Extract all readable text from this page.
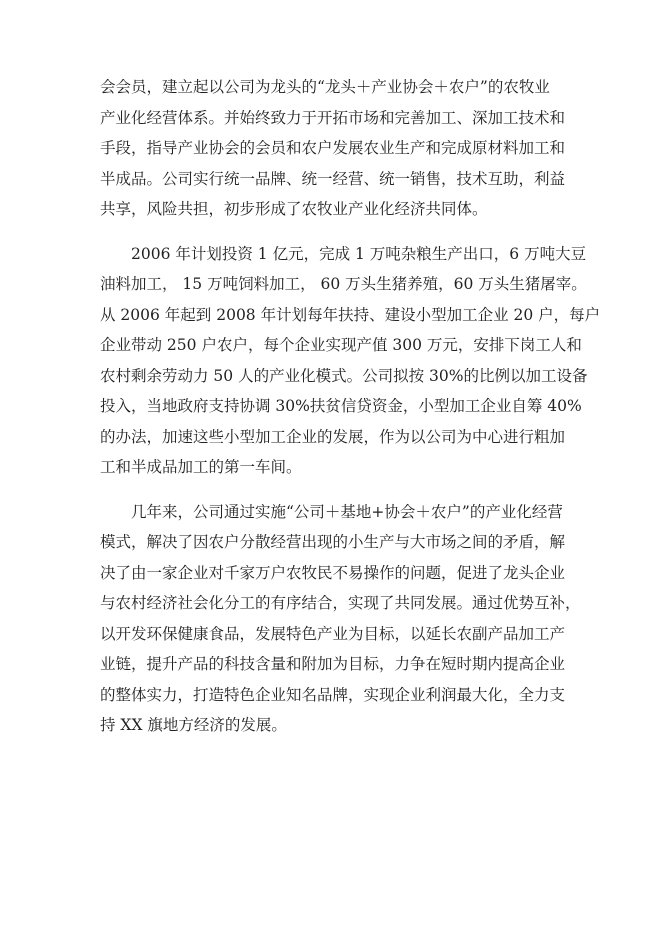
会会员，建立起以公司为龙头的“龙头＋产业协会＋农户”的农牧业
产业化经营体系。并始终致力于开拓市场和完善加工、深加工技术和
手段，指导产业协会的会员和农户发展农业生产和完成原材料加工和
半成品。公司实行统一品牌、统一经营、统一销售，技术互助，利益
共享，风险共担，初步形成了农牧业产业化经济共同体。

　　2006 年计划投资 1 亿元，完成 1 万吨杂粮生产出口，6 万吨大豆
油料加工， 15 万吨饲料加工， 60 万头生猪养殖，60 万头生猪屠宰。
从 2006 年起到 2008 年计划每年扶持、建设小型加工企业 20 户，每户
企业带动 250 户农户，每个企业实现产值 300 万元，安排下岗工人和
农村剩余劳动力 50 人的产业化模式。公司拟按 30%的比例以加工设备
投入，当地政府支持协调 30%扶贫信贷资金，小型加工企业自筹 40%
的办法，加速这些小型加工企业的发展，作为以公司为中心进行粗加
工和半成品加工的第一车间。

　　几年来，公司通过实施“公司＋基地+协会＋农户”的产业化经营
模式，解决了因农户分散经营出现的小生产与大市场之间的矛盾，解
决了由一家企业对千家万户农牧民不易操作的问题，促进了龙头企业
与农村经济社会化分工的有序结合，实现了共同发展。通过优势互补，
以开发环保健康食品，发展特色产业为目标，以延长农副产品加工产
业链，提升产品的科技含量和附加为目标，力争在短时期内提高企业
的整体实力，打造特色企业知名品牌，实现企业利润最大化，全力支
持 XX 旗地方经济的发展。
